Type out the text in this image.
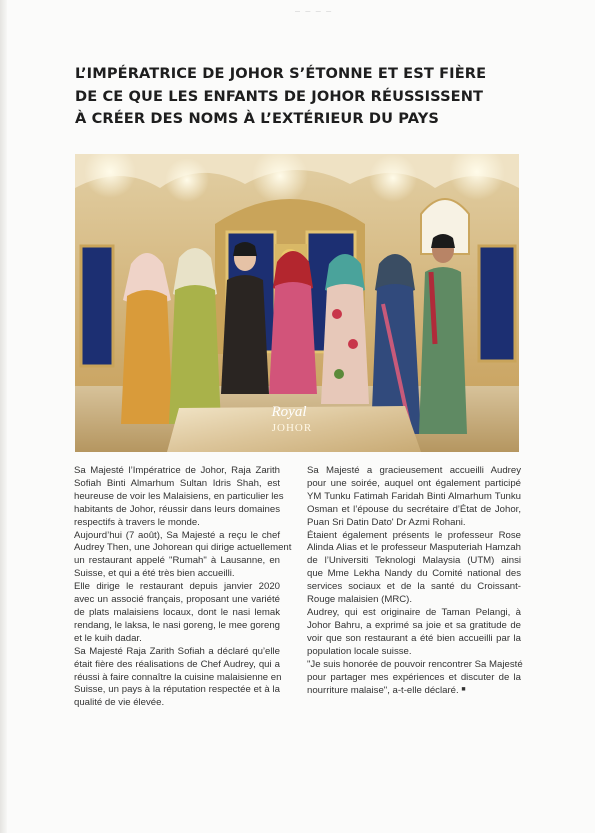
— — — —
L’IMPÉRATRICE DE JOHOR S’ÉTONNE ET EST FIÈRE
DE CE QUE LES ENFANTS DE JOHOR RÉUSSISSENT
À CRÉER DES NOMS À L’EXTÉRIEUR DU PAYS
Royal
JOHOR

Sa Majesté l’Impératrice de Johor, Raja Zarith
Sofiah Binti Almarhum Sultan Idris Shah, est
heureuse de voir les Malaisiens, en particulier les
habitants de Johor, réussir dans leurs domaines
respectifs à travers le monde.

Aujourd’hui (7 août), Sa Majesté a reçu le chef
Audrey Then, une Johorean qui dirige actuellement
un restaurant appelé "Rumah" à Lausanne, en
Suisse, et qui a été très bien accueilli.

Elle dirige le restaurant depuis janvier 2020
avec un associé français, proposant une variété
de plats malaisiens locaux, dont le nasi lemak
rendang, le laksa, le nasi goreng, le mee goreng
et le kuih dadar.

Sa Majesté Raja Zarith Sofiah a déclaré qu’elle
était fière des réalisations de Chef Audrey, qui a
réussi à faire connaître la cuisine malaisienne en
Suisse, un pays à la réputation respectée et à la
qualité de vie élevée.

Sa Majesté a gracieusement accueilli Audrey
pour une soirée, auquel ont également participé
YM Tunku Fatimah Faridah Binti Almarhum Tunku
Osman et l’épouse du secrétaire d’État de Johor,
Puan Sri Datin Dato' Dr Azmi Rohani.

Étaient également présents le professeur Rose
Alinda Alias et le professeur Masputeriah Hamzah
de l’Universiti Teknologi Malaysia (UTM) ainsi
que Mme Lekha Nandy du Comité national des
services sociaux et de la santé du Croissant-
Rouge malaisien (MRC).

Audrey, qui est originaire de Taman Pelangi, à
Johor Bahru, a exprimé sa joie et sa gratitude de
voir que son restaurant a été bien accueilli par la
population locale suisse.

"Je suis honorée de pouvoir rencontrer Sa Majesté
pour partager mes expériences et discuter de la
nourriture malaise", a-t-elle déclaré. ■
